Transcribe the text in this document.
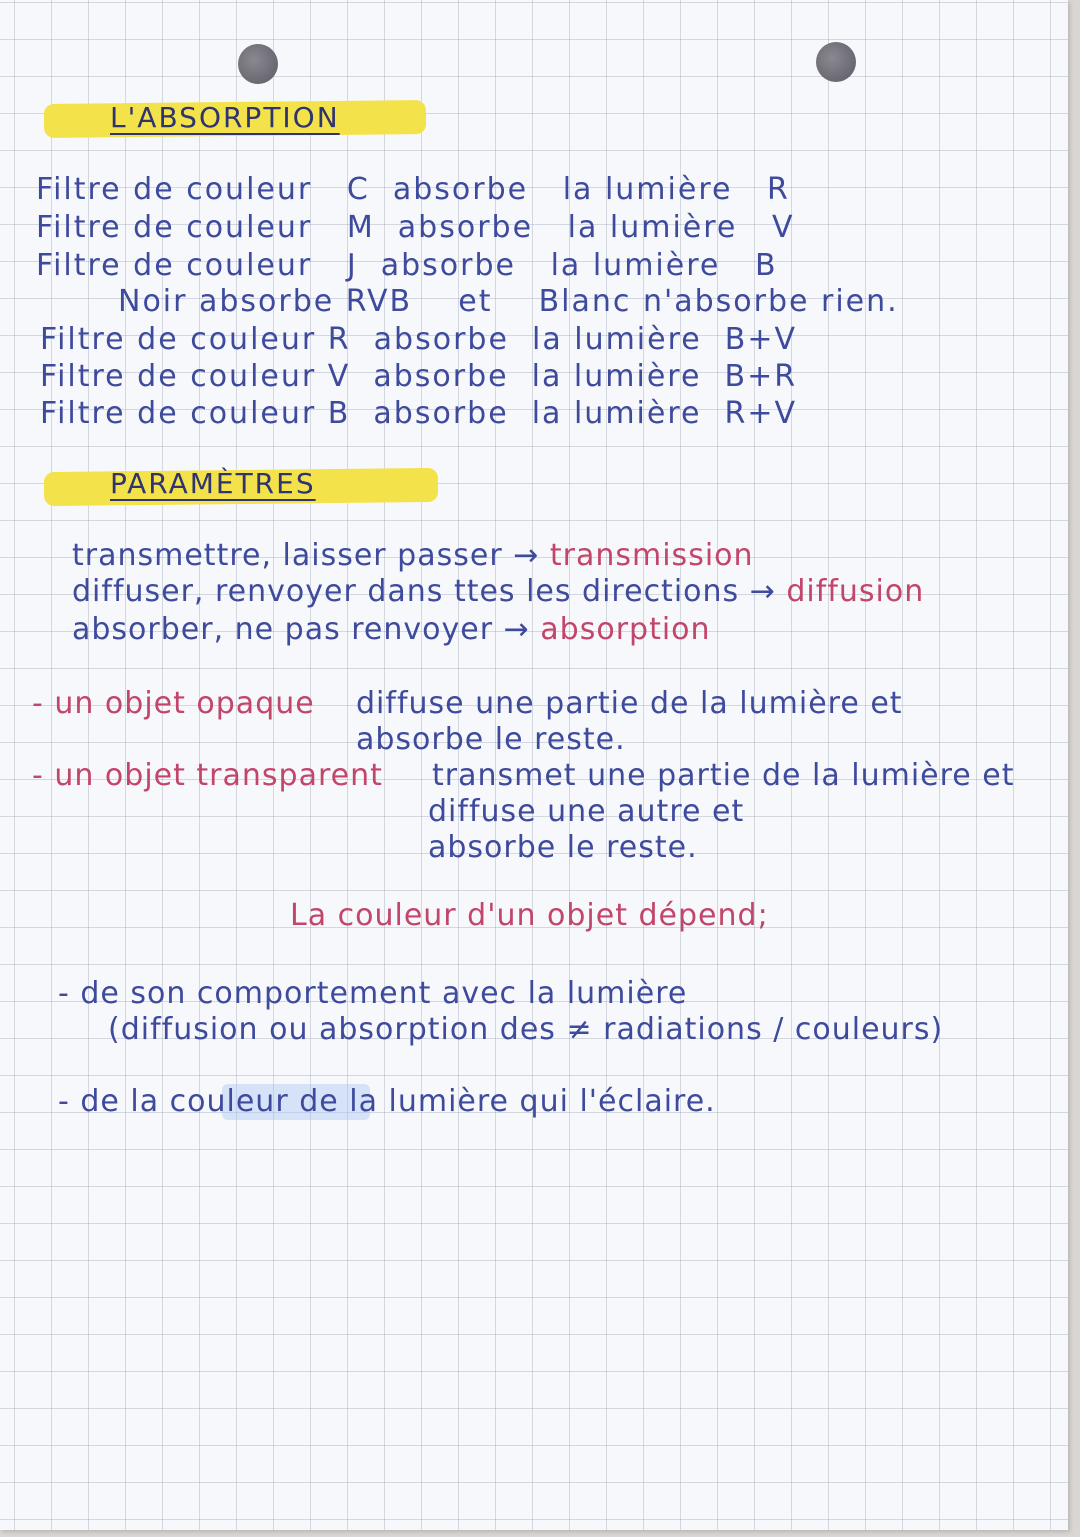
L'ABSORPTION

Filtre de couleur   C  absorbe   la lumière   R

Filtre de couleur   M  absorbe   la lumière   V

Filtre de couleur   J  absorbe   la lumière   B

Noir absorbe RVB    et    Blanc n'absorbe rien.

Filtre de couleur R  absorbe  la lumière  B+V

Filtre de couleur V  absorbe  la lumière  B+R

Filtre de couleur B  absorbe  la lumière  R+V

PARAMÈTRES

transmettre, laisser passer → transmission

diffuser, renvoyer dans ttes les directions → diffusion

absorber, ne pas renvoyer → absorption

- un objet opaque diffuse une partie de la lumière et

absorbe le reste.

- un objet transparent transmet une partie de la lumière et

diffuse une autre et

absorbe le reste.

La couleur d'un objet dépend;

- de son comportement avec la lumière

(diffusion ou absorption des ≠ radiations / couleurs)

- de la couleur de la lumière qui l'éclaire.
